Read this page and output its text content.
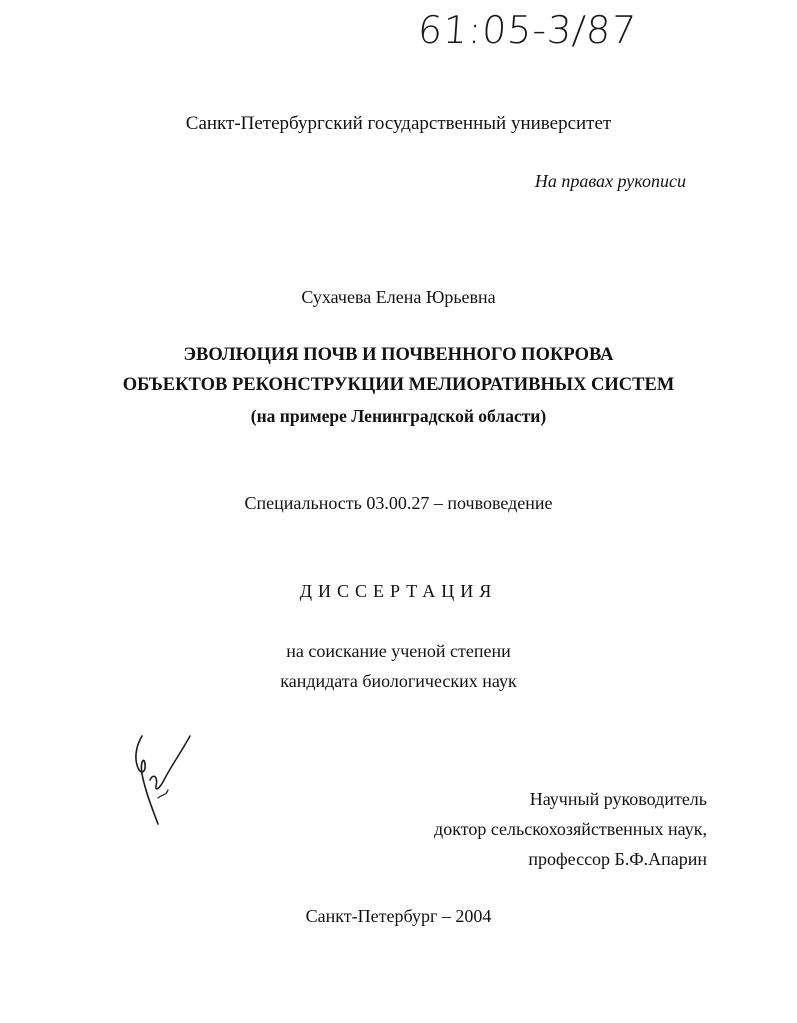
61:05-3/87
Санкт-Петербургский государственный университет
На правах рукописи
Сухачева Елена Юрьевна
ЭВОЛЮЦИЯ ПОЧВ И ПОЧВЕННОГО ПОКРОВА
ОБЪЕКТОВ РЕКОНСТРУКЦИИ МЕЛИОРАТИВНЫХ СИСТЕМ
(на примере Ленинградской области)
Специальность 03.00.27 – почвоведение
ДИССЕРТАЦИЯ
на соискание ученой степени
кандидата биологических наук
Научный руководитель
доктор сельскохозяйственных наук,
профессор Б.Ф.Апарин
Санкт-Петербург – 2004
